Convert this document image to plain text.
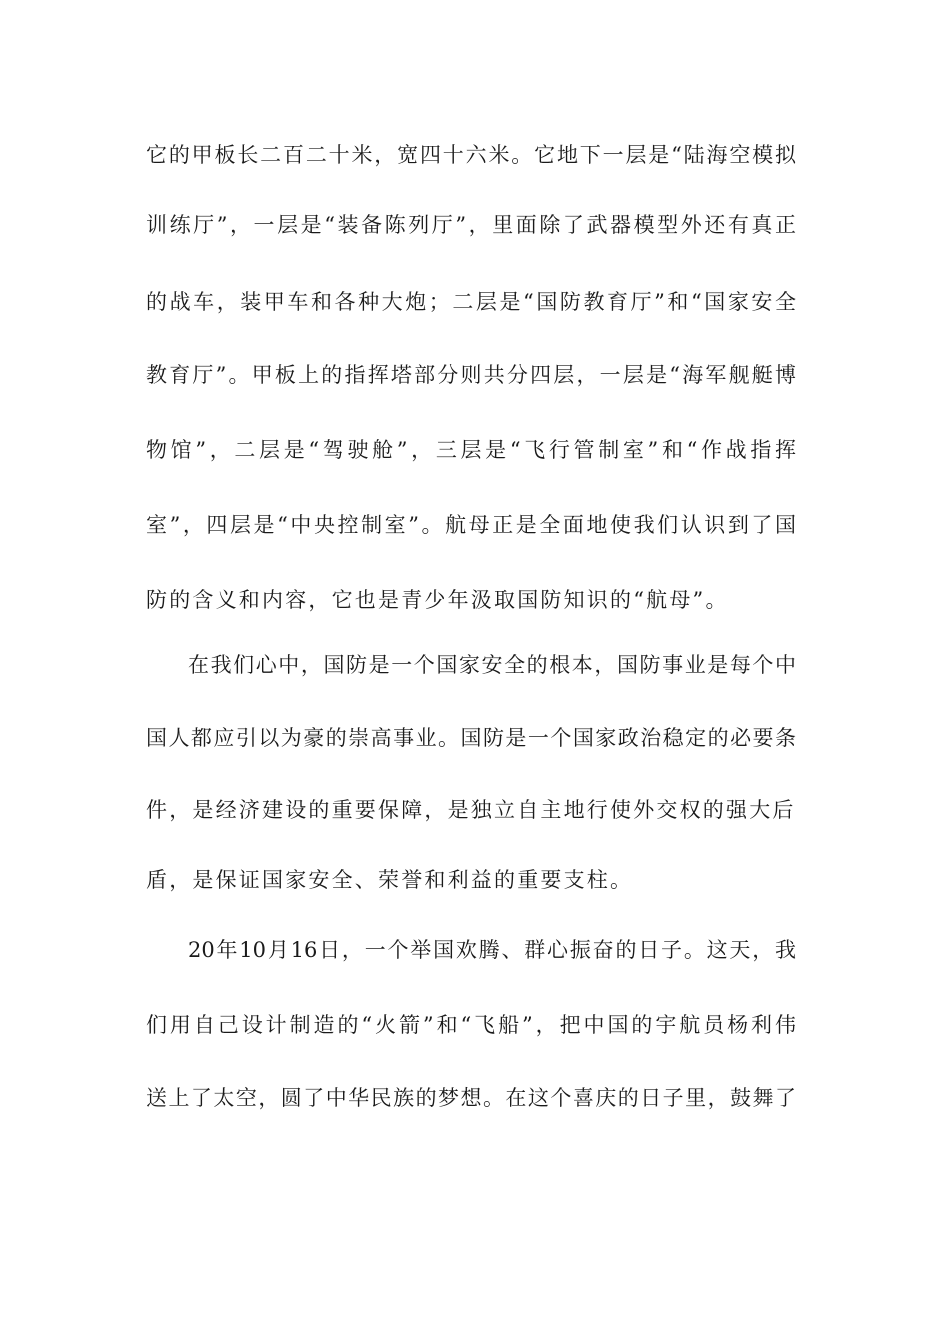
它的甲板长二百二十米，宽四十六米。它地下一层是“陆海空模拟
训练厅”，一层是“装备陈列厅”，里面除了武器模型外还有真正
的战车，装甲车和各种大炮；二层是“国防教育厅”和“国家安全
教育厅”。甲板上的指挥塔部分则共分四层，一层是“海军舰艇博
物馆”，二层是“驾驶舱”，三层是“飞行管制室”和“作战指挥
室”，四层是“中央控制室”。航母正是全面地使我们认识到了国
防的含义和内容，它也是青少年汲取国防知识的“航母”。
在我们心中，国防是一个国家安全的根本，国防事业是每个中
国人都应引以为豪的崇高事业。国防是一个国家政治稳定的必要条
件，是经济建设的重要保障，是独立自主地行使外交权的强大后
盾，是保证国家安全、荣誉和利益的重要支柱。
20年10月16日，一个举国欢腾、群心振奋的日子。这天，我
们用自己设计制造的“火箭”和“飞船”，把中国的宇航员杨利伟
送上了太空，圆了中华民族的梦想。在这个喜庆的日子里，鼓舞了
